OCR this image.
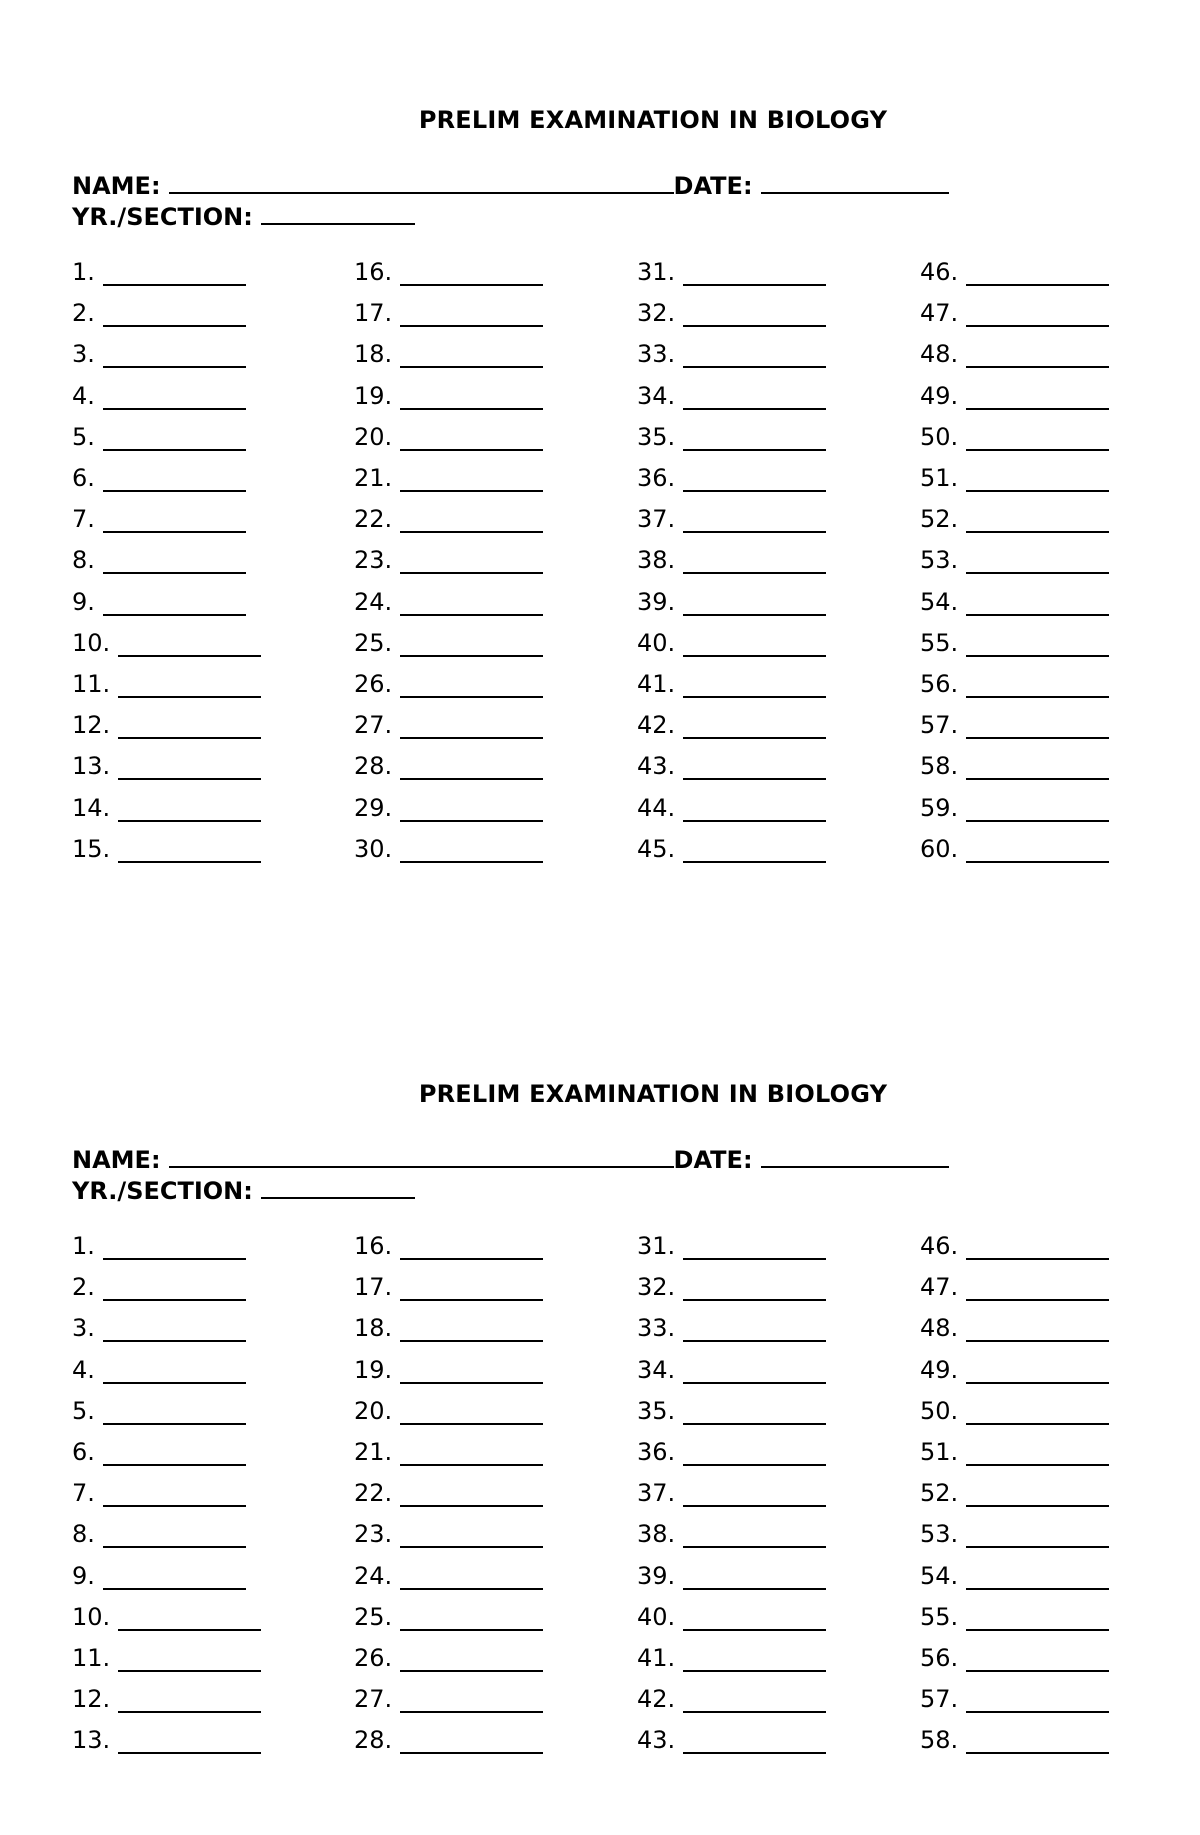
PRELIM EXAMINATION IN BIOLOGY
NAME:	DATE:
YR./SECTION:
1.
2.
3.
4.
5.
6.
7.
8.
9.
10.
11.
12.
13.
14.
15.
16.
17.
18.
19.
20.
21.
22.
23.
24.
25.
26.
27.
28.
29.
30.
31.
32.
33.
34.
35.
36.
37.
38.
39.
40.
41.
42.
43.
44.
45.
46.
47.
48.
49.
50.
51.
52.
53.
54.
55.
56.
57.
58.
59.
60.
PRELIM EXAMINATION IN BIOLOGY
NAME:	DATE:
YR./SECTION:
1.
2.
3.
4.
5.
6.
7.
8.
9.
10.
11.
12.
13.
16.
17.
18.
19.
20.
21.
22.
23.
24.
25.
26.
27.
28.
31.
32.
33.
34.
35.
36.
37.
38.
39.
40.
41.
42.
43.
46.
47.
48.
49.
50.
51.
52.
53.
54.
55.
56.
57.
58.
